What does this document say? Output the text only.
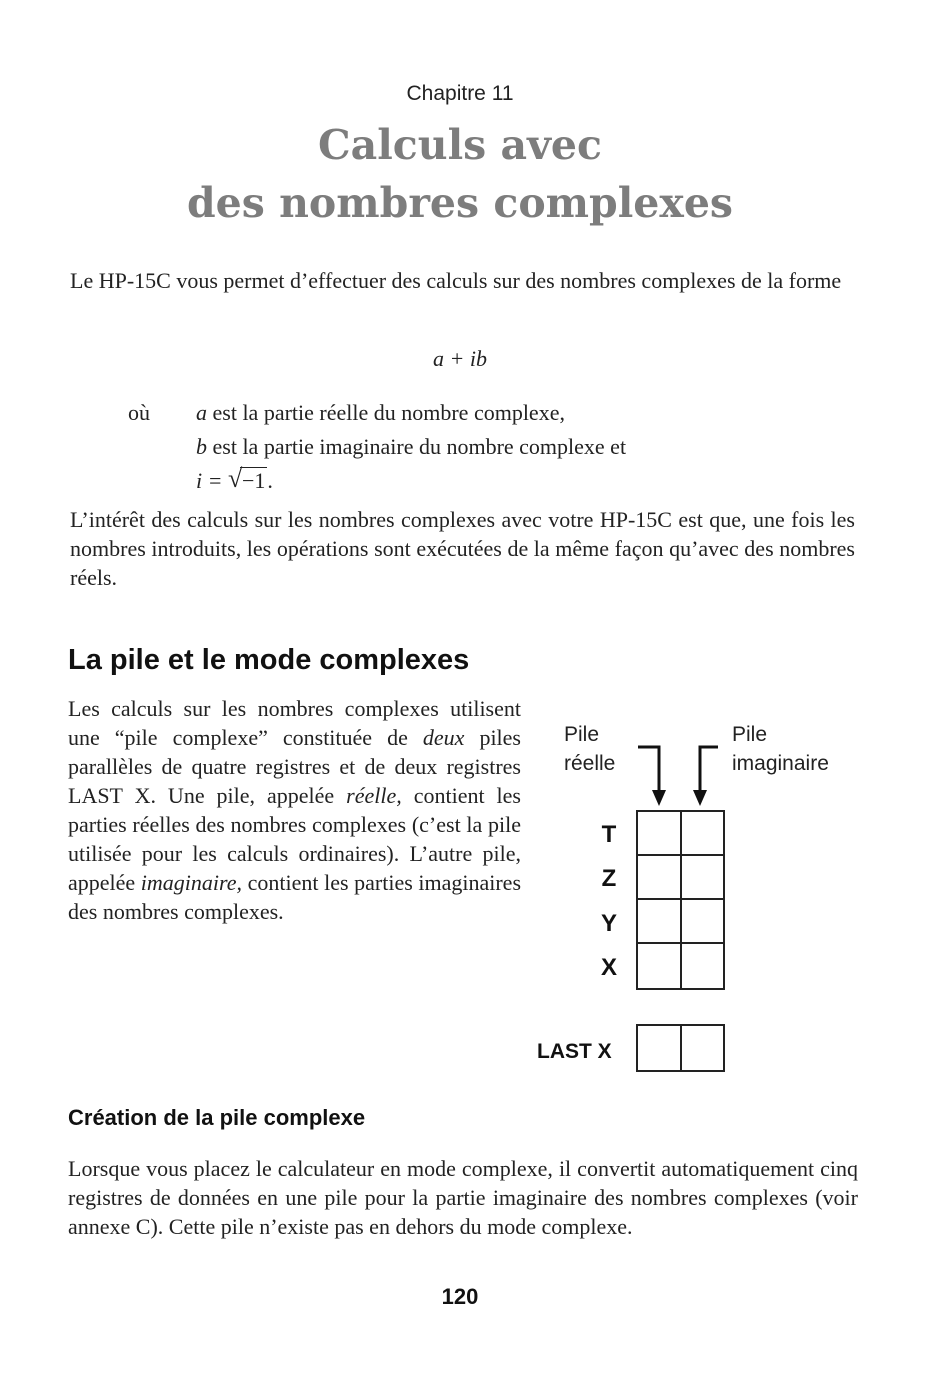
Chapitre 11
Calculs avec
des nombres complexes
Le HP-15C vous permet d’effectuer des calculs sur des nombres complexes de la forme
a + ib
où	a est la partie réelle du nombre complexe,
b est la partie imaginaire du nombre complexe et
i = √ −1.
L’intérêt des calculs sur les nombres complexes avec votre HP-15C est que, une fois les nombres introduits, les opérations sont exécutées de la même façon qu’avec des nombres réels.
La pile et le mode complexes
Les calculs sur les nombres complexes utilisent une “pile complexe” constituée de deux piles parallèles de quatre registres et de deux registres LAST X. Une pile, appelée réelle, contient les parties réelles des nombres complexes (c’est la pile utilisée pour les calculs ordinaires). L’autre pile, appelée imaginaire, contient les parties imaginaires des nombres complexes.
Pile
réelle
Pile
imaginaire
T
Z
Y
X
LAST X
Création de la pile complexe
Lorsque vous placez le calculateur en mode complexe, il convertit automatiquement cinq registres de données en une pile pour la partie imaginaire des nombres complexes (voir annexe C). Cette pile n’existe pas en dehors du mode complexe.
120
